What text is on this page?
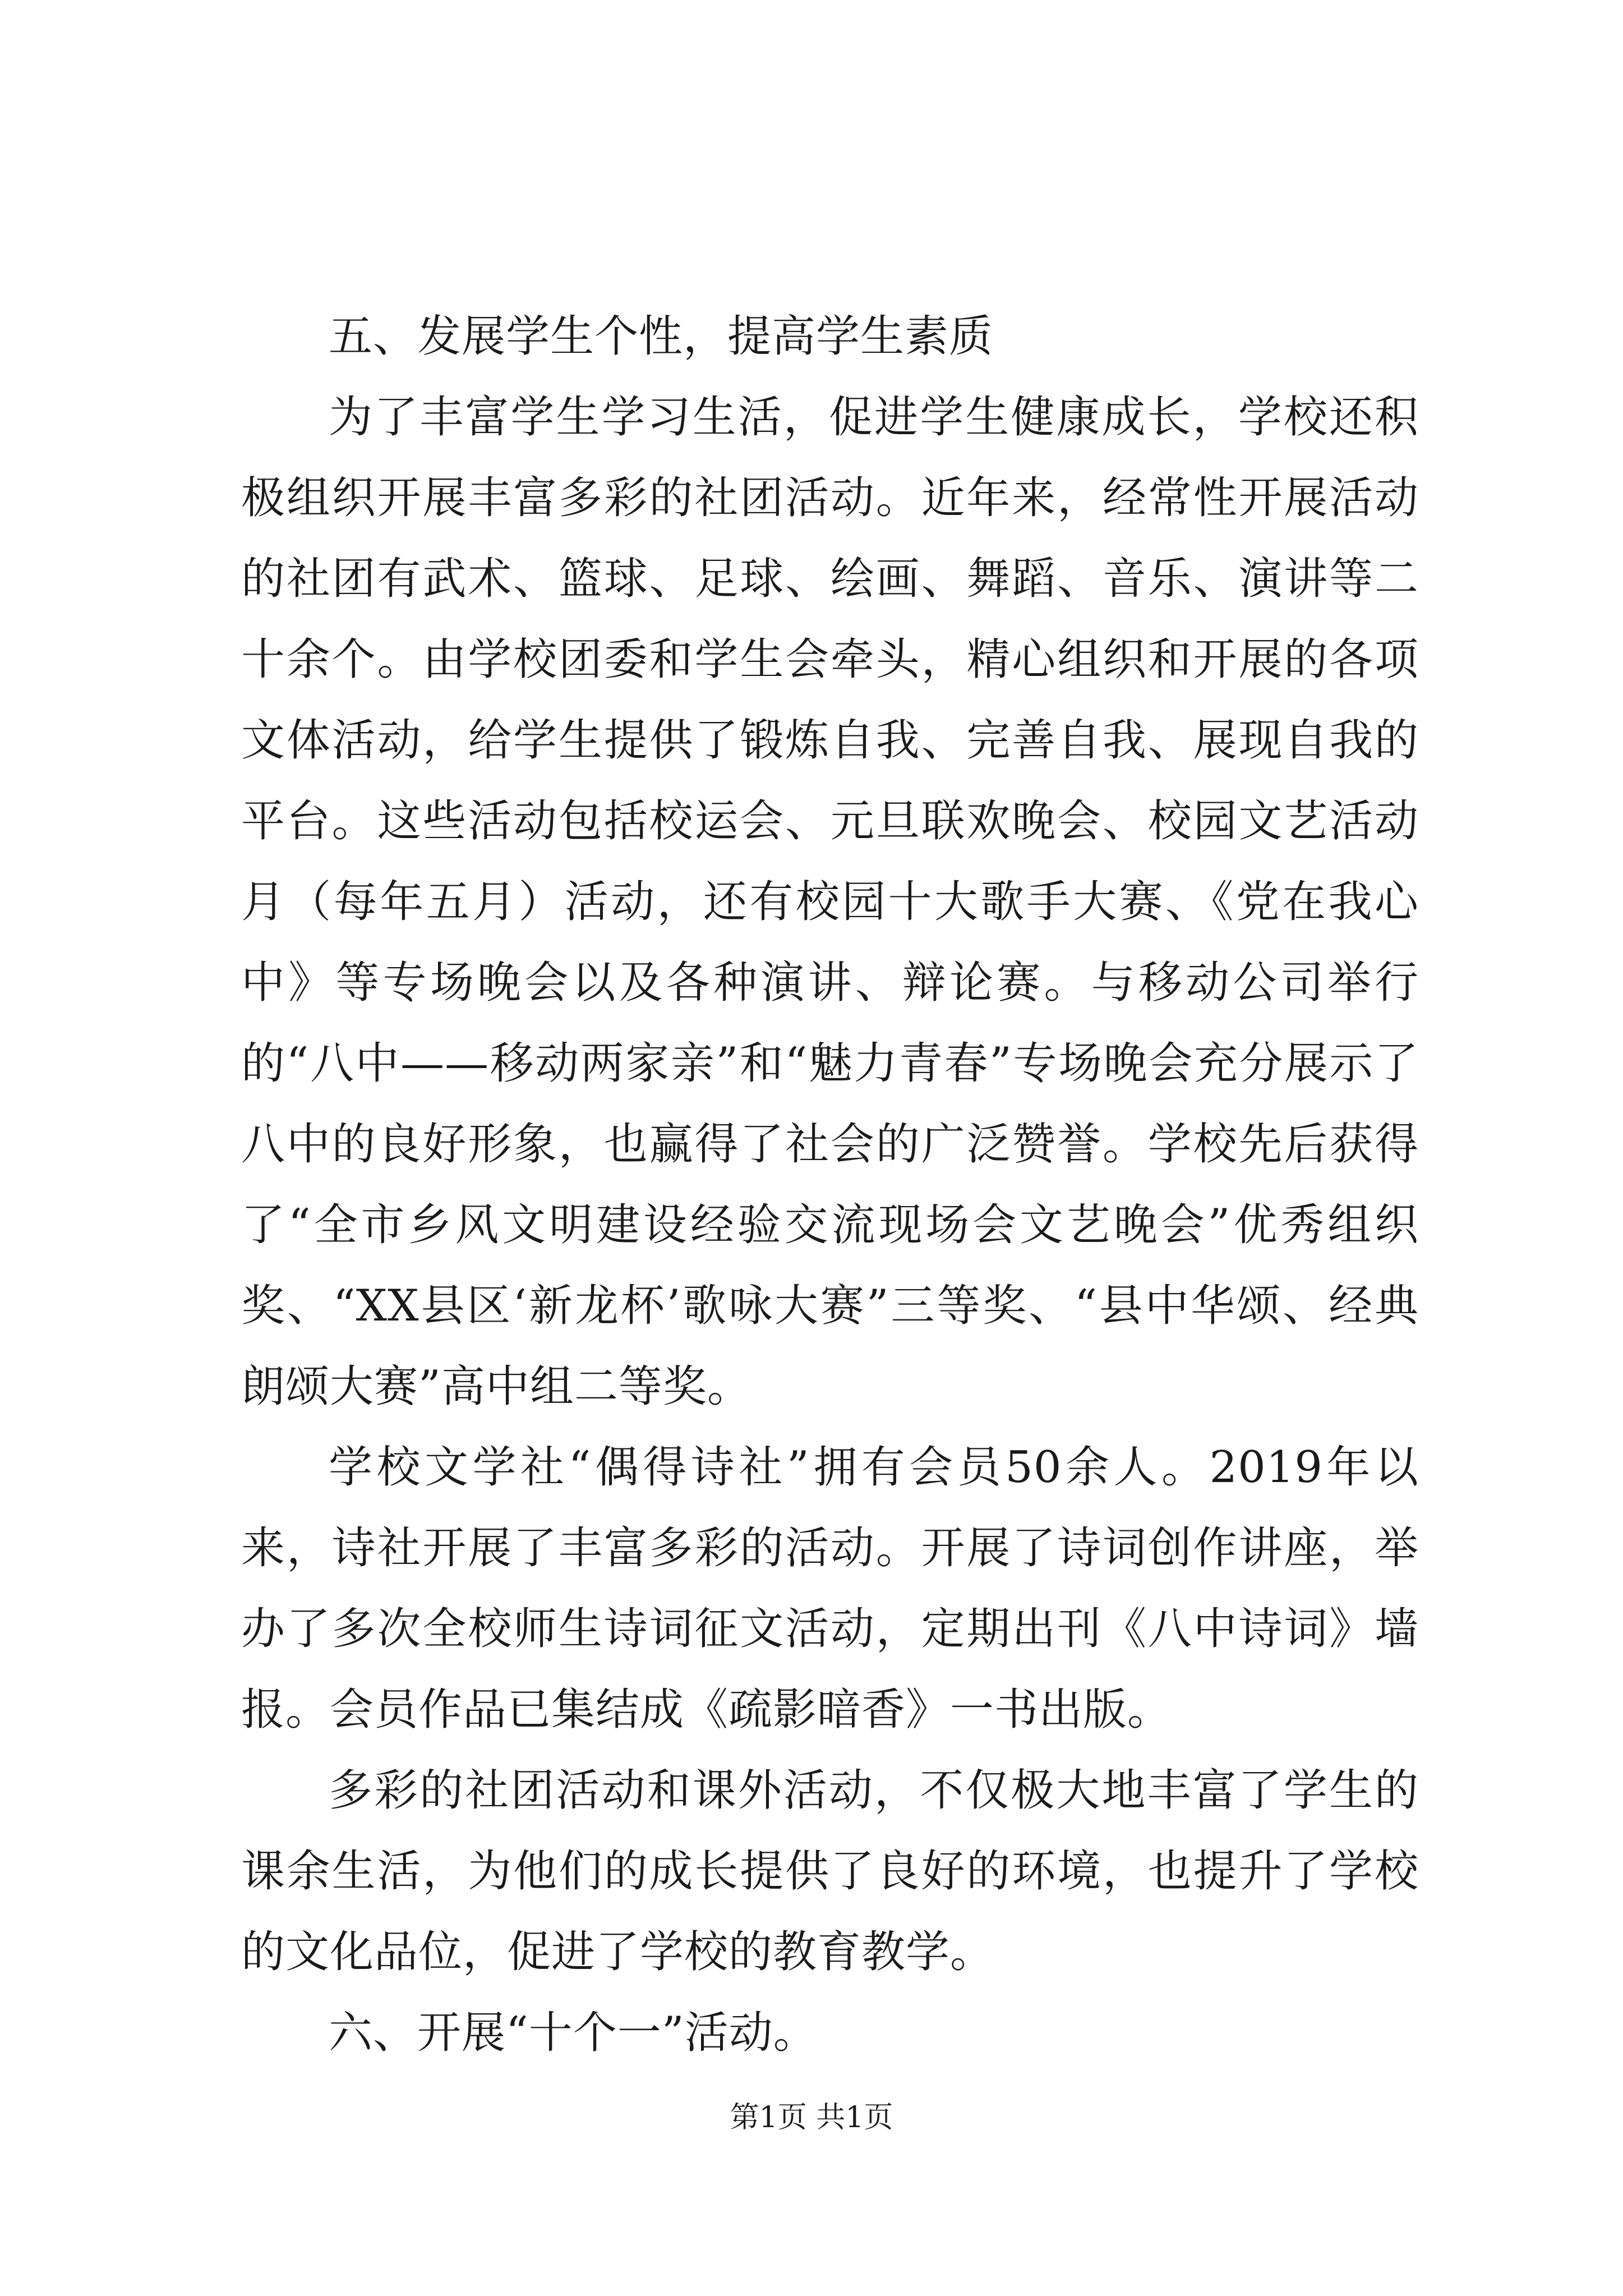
五、发展学生个性，提高学生素质

为了丰富学生学习生活，促进学生健康成长，学校还积极组织开展丰富多彩的社团活动。近年来，经常性开展活动的社团有武术、篮球、足球、绘画、舞蹈、音乐、演讲等二十余个。由学校团委和学生会牵头，精心组织和开展的各项文体活动，给学生提供了锻炼自我、完善自我、展现自我的平台。这些活动包括校运会、元旦联欢晚会、校园文艺活动月（每年五月）活动，还有校园十大歌手大赛、《党在我心中》等专场晚会以及各种演讲、辩论赛。与移动公司举行的“八中——移动两家亲”和“魅力青春”专场晚会充分展示了八中的良好形象，也赢得了社会的广泛赞誉。学校先后获得了“全市乡风文明建设经验交流现场会文艺晚会”优秀组织奖、“XX县区‘新龙杯’歌咏大赛”三等奖、“县中华颂、经典朗颂大赛”高中组二等奖。

学校文学社“偶得诗社”拥有会员50余人。2019年以来，诗社开展了丰富多彩的活动。开展了诗词创作讲座，举办了多次全校师生诗词征文活动，定期出刊《八中诗词》墙报。会员作品已集结成《疏影暗香》一书出版。

多彩的社团活动和课外活动，不仅极大地丰富了学生的课余生活，为他们的成长提供了良好的环境，也提升了学校的文化品位，促进了学校的教育教学。

六、开展“十个一”活动。

第1页 共1页
